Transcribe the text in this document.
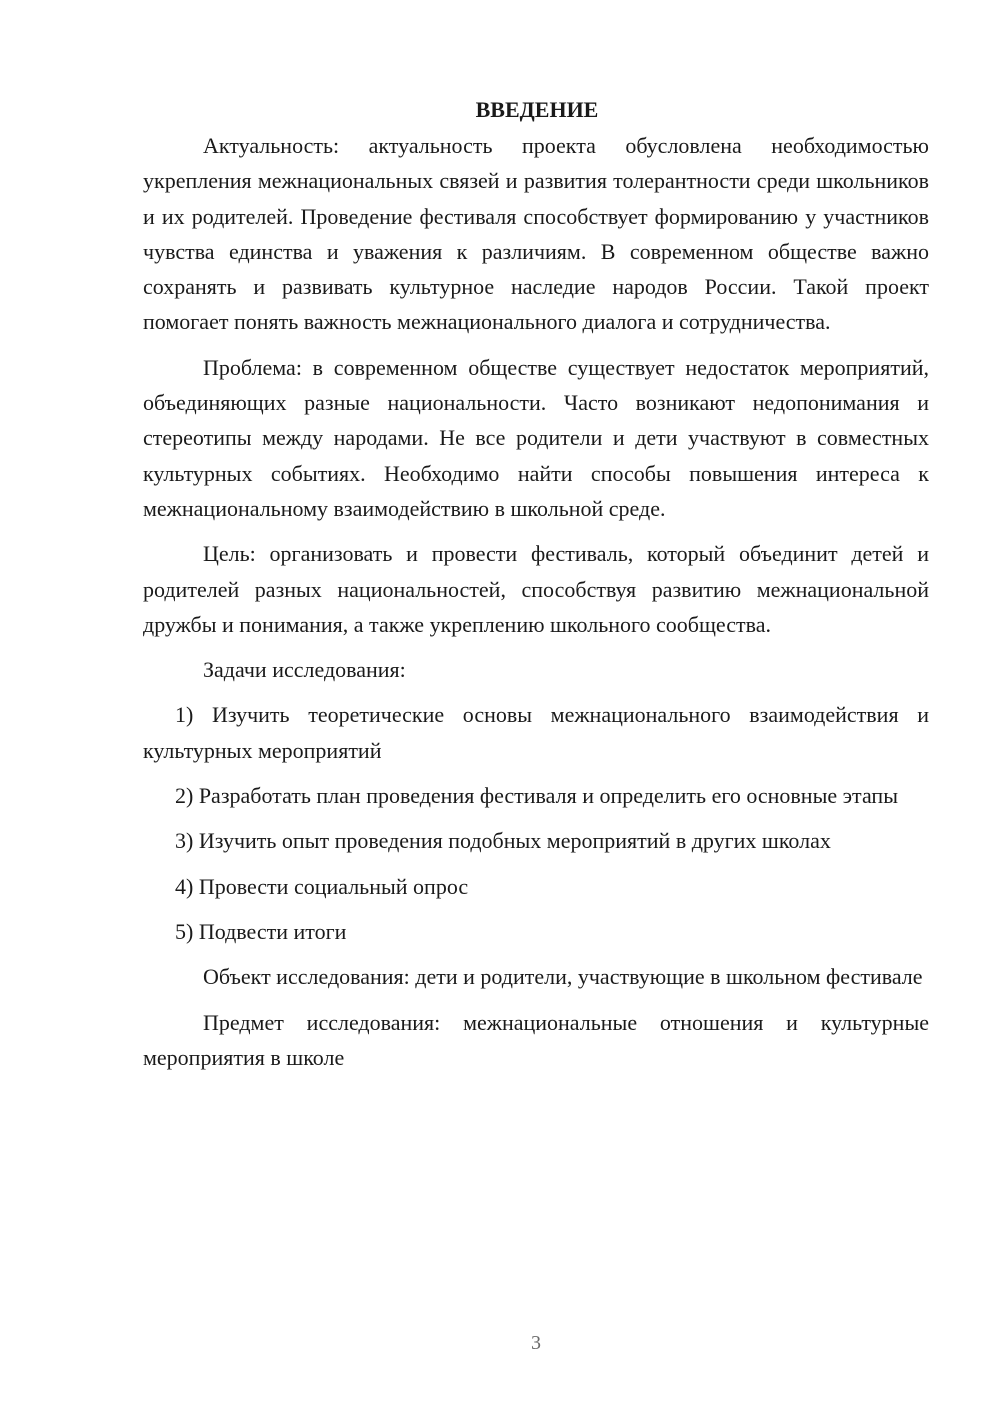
ВВЕДЕНИЕ

Актуальность: актуальность проекта обусловлена необходимостью укрепления межнациональных связей и развития толерантности среди школьников и их родителей. Проведение фестиваля способствует формированию у участников чувства единства и уважения к различиям. В современном обществе важно сохранять и развивать культурное наследие народов России. Такой проект помогает понять важность межнационального диалога и сотрудничества.

Проблема: в современном обществе существует недостаток мероприятий, объединяющих разные национальности. Часто возникают недопонимания и стереотипы между народами. Не все родители и дети участвуют в совместных культурных событиях. Необходимо найти способы повышения интереса к межнациональному взаимодействию в школьной среде.

Цель: организовать и провести фестиваль, который объединит детей и родителей разных национальностей, способствуя развитию межнациональной дружбы и понимания, а также укреплению школьного сообщества.

Задачи исследования:

1) Изучить теоретические основы межнационального взаимодействия и культурных мероприятий

2) Разработать план проведения фестиваля и определить его основные этапы

3) Изучить опыт проведения подобных мероприятий в других школах

4) Провести социальный опрос

5) Подвести итоги

Объект исследования: дети и родители, участвующие в школьном фестивале

Предмет исследования: межнациональные отношения и культурные мероприятия в школе

3
